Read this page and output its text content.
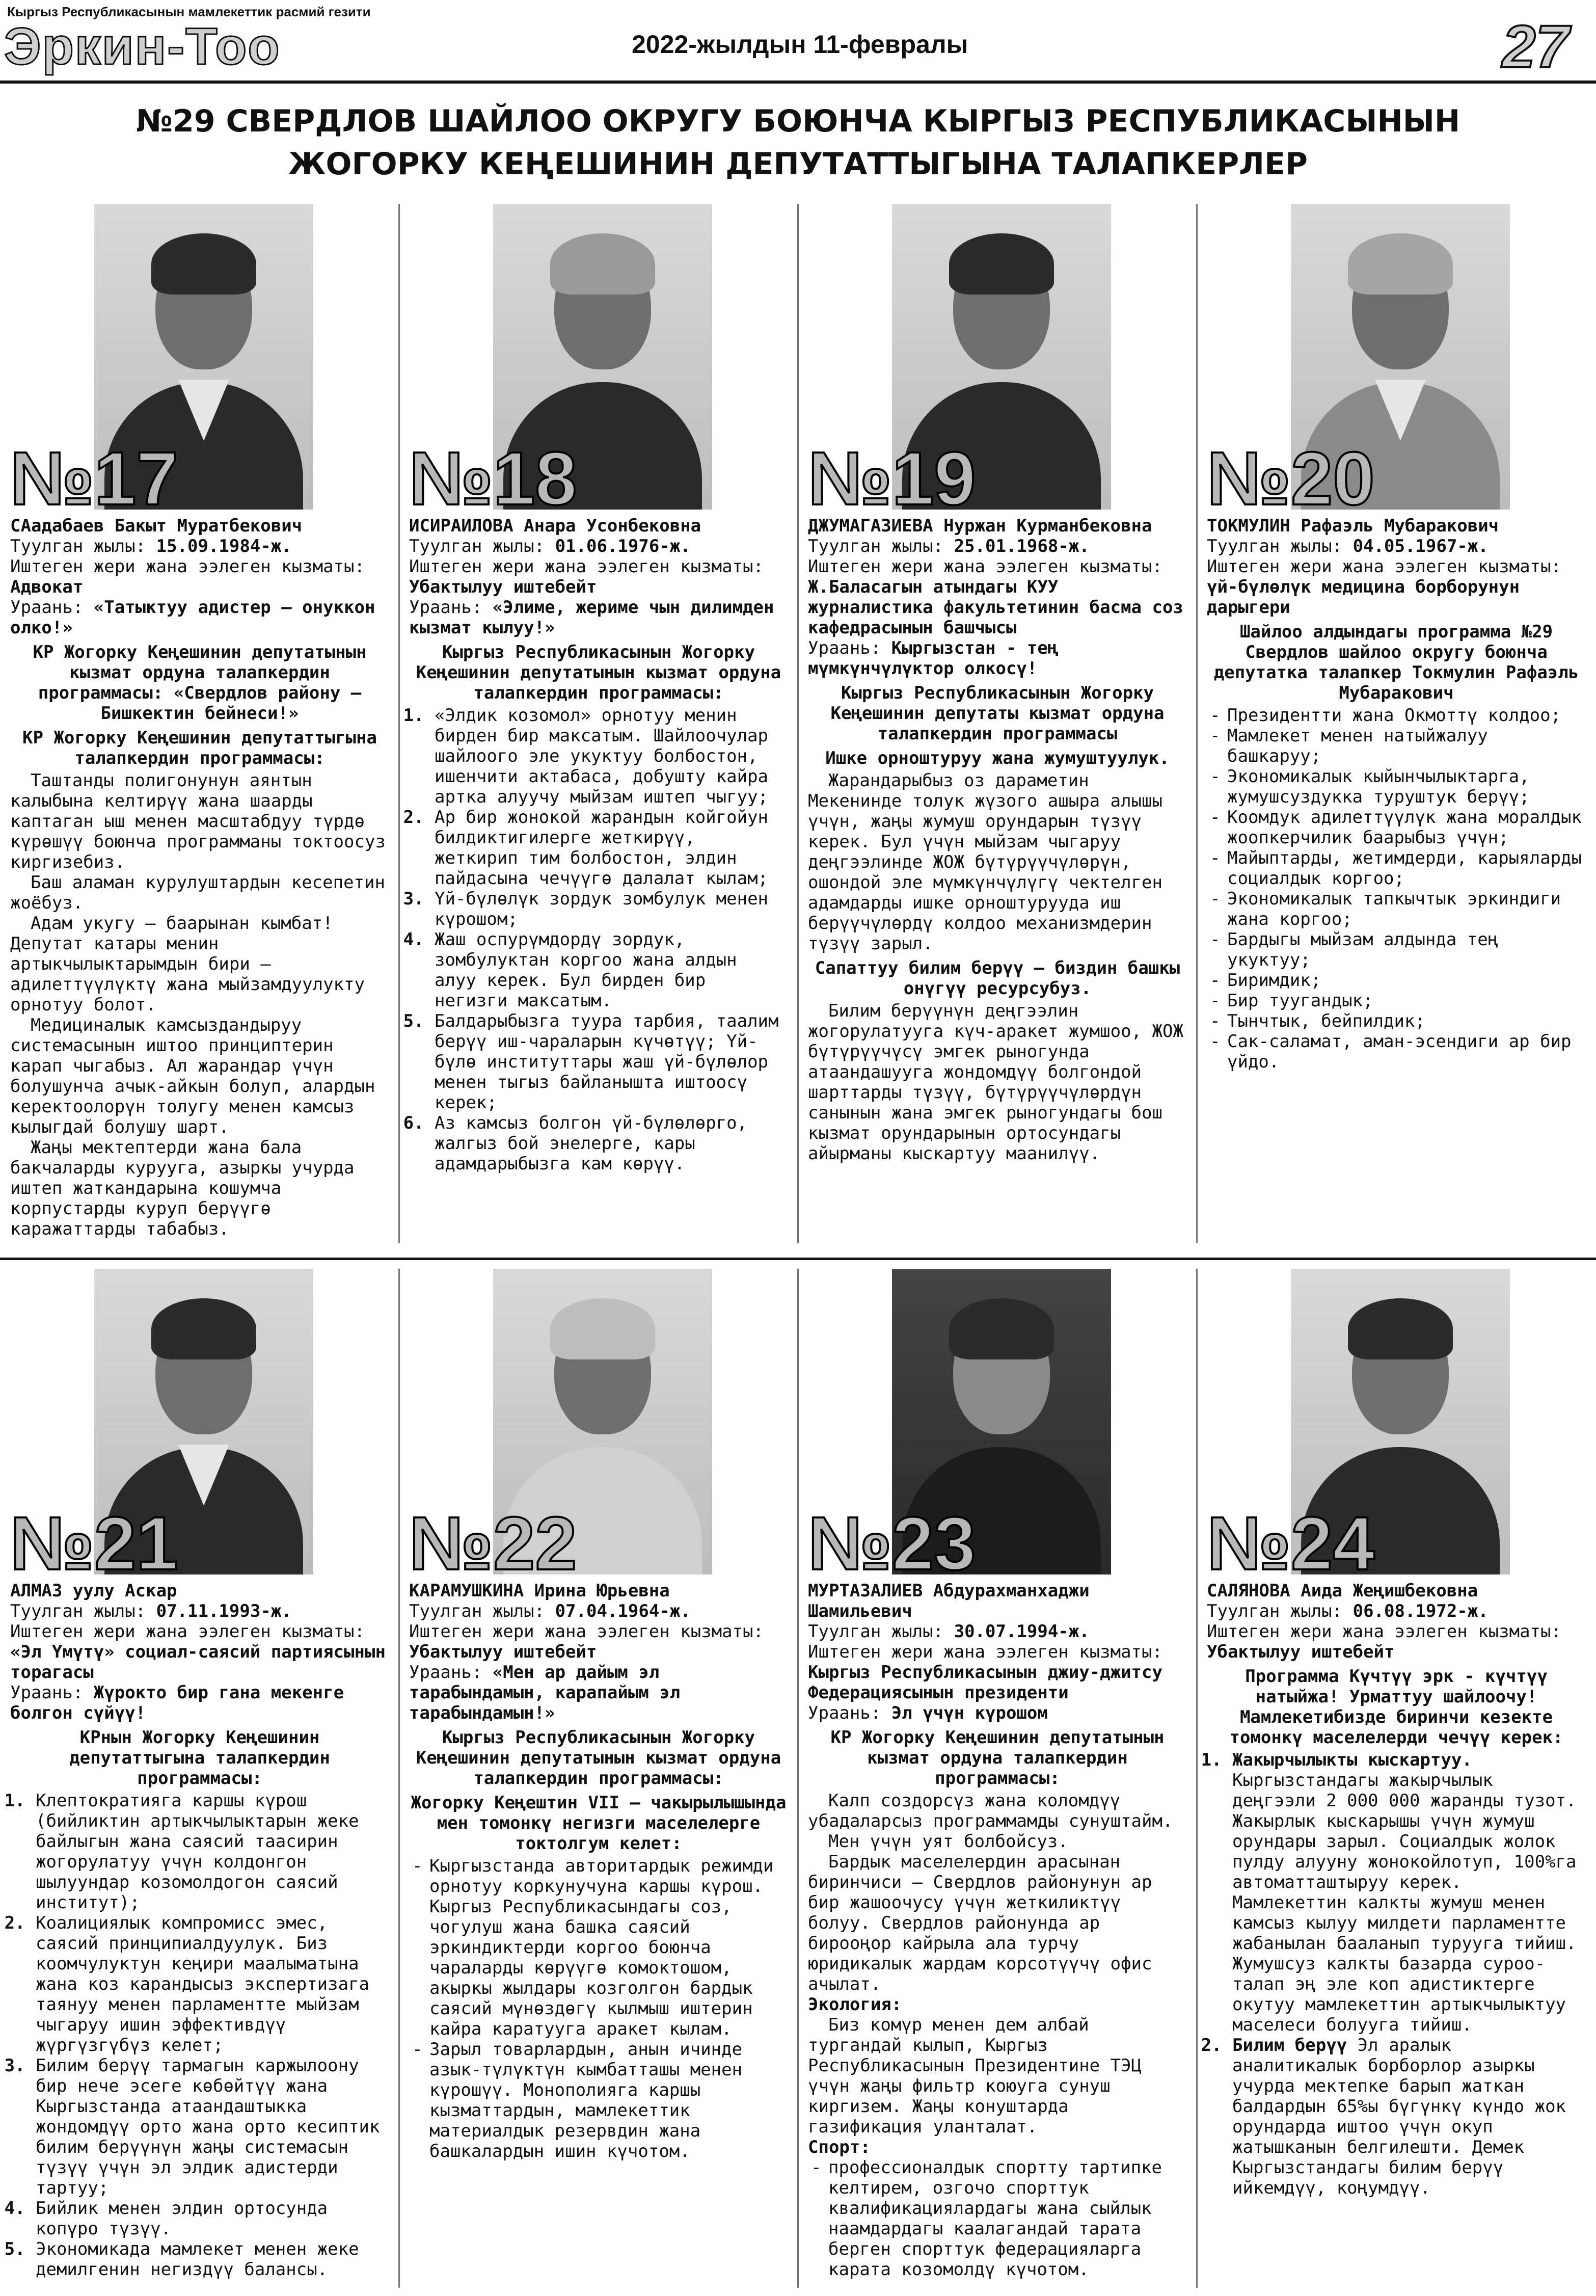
Кыргыз Республикасынын мамлекеттик расмий гезити
Эркин-Тоо	2022-жылдын 11-февралы	27
№29 СВЕРДЛОВ ШАЙЛОО ОКРУГУ БОЮНЧА КЫРГЫЗ РЕСПУБЛИКАСЫНЫН
ЖОГОРКУ КЕҢЕШИНИН ДЕПУТАТТЫГЫНА ТАЛАПКЕРЛЕР
№17

САадабаев Бакыт Муратбекович

Туулган жылы: 15.09.1984-ж.

Иштеген жери жана ээлеген кызматы:

Адвокат

Ураань: «Татыктуу адистер – онуккон олко!»

КР Жогорку Кеңешинин депутатынын кызмат ордуна талапкердин программасы: «Свердлов району – Бишкектин бейнеси!»
КР Жогорку Кеңешинин депутаттыгына талапкердин программасы:

Таштанды полигонунун аянтын калыбына келтирүү жана шаарды каптаган ыш менен масштабдуу түрдө күрөшүү боюнча программаны токтоосуз киргизебиз.

Баш аламан курулуштардын кесепетин жоёбуз.

Адам укугу – баарынан кымбат! Депутат катары менин артыкчылыктарымдын бири – адилеттүүлүктү жана мыйзамдуулукту орнотуу болот.

Медициналык камсыздандыруу системасынын иштоо принциптерин карап чыгабыз. Ал жарандар үчүн болушунча ачык-айкын болуп, алардын керектоолорүн толугу менен камсыз кылыгдай болушу шарт.

Жаңы мектептерди жана бала бакчаларды курууга, азыркы учурда иштеп жаткандарына кошумча корпустарды куруп берүүгө каражаттарды табабыз.

№18

ИСИРАИЛОВА Анара Усонбековна

Туулган жылы: 01.06.1976-ж.

Иштеген жери жана ээлеген кызматы:

Убактылуу иштебейт

Ураань: «Элиме, жериме чын дилимден кызмат кылуу!»

Кыргыз Республикасынын Жогорку Кеңешинин депутатынын кызмат ордуна талапкердин программасы:
1. «Элдик козомол» орнотуу менин бирден бир максатым. Шайлоочулар шайлоого эле укуктуу болбостон, ишенчити актабаса, добушту кайра артка алуучу мыйзам иштеп чыгуу;
2. Ар бир жонокой жарандын койгойун билдиктигилерге жеткирүү, жеткирип тим болбостон, элдин пайдасына чечүүгө далалат кылам;
3. Үй-бүлөлүк зордук зомбулук менен күрошом;
4. Жаш оспурүмдордү зордук, зомбулуктан коргоо жана алдын алуу керек. Бул бирден бир негизги максатым.
5. Балдарыбызга туура тарбия, таалим берүү иш-чараларын күчөтүү; Үй-бүлө институттары жаш үй-бүлөлор менен тыгыз байланышта иштоосү керек;
6. Аз камсыз болгон үй-бүлөлөрго, жалгыз бой энелерге, кары адамдарыбызга кам көрүү.
№19

ДЖУМАГАЗИЕВА Нуржан Курманбековна

Туулган жылы: 25.01.1968-ж.

Иштеген жери жана ээлеген кызматы:

Ж.Баласагын атындагы КУУ журналистика факультетинин басма соз кафедрасынын башчысы

Ураань: Кыргызстан - тең мүмкүнчүлүктор олкосү!

Кыргыз Республикасынын Жогорку Кеңешинин депутаты кызмат ордуна талапкердин программасы
Ишке орноштуруу жана жумуштуулук.

Жарандарыбыз оз дараметин Мекенинде толук жүзого ашыра алышы үчүн, жаңы жумуш орундарын түзүү керек. Бул үчүн мыйзам чыгаруу деңгээлинде ЖОЖ бүтүрүүчүлөрүн, ошондой эле мүмкүнчүлүгү чектелген адамдарды ишке орноштурууда иш берүүчүлөрдү колдоо механизмдерин түзүү зарыл.

Сапаттуу билим берүү – биздин башкы онүгүү ресурсубуз.

Билим берүүнүн деңгээлин жогорулатууга күч-аракет жумшоо, ЖОЖ бүтүрүүчүсү эмгек рыногунда атаандашууга жондомдүү болгондой шарттарды түзүү, бүтүрүүчүлөрдүн санынын жана эмгек рыногундагы бош кызмат орундарынын ортосундагы айырманы кыскартуу маанилүү.

№20

ТОКМУЛИН Рафаэль Мубаракович

Туулган жылы: 04.05.1967-ж.

Иштеген жери жана ээлеген кызматы:

үй-бүлөлүк медицина борборунун дарыгери

Шайлоо алдындагы программа №29 Свердлов шайлоо округу боюнча депутатка талапкер Токмулин Рафаэль Мубаракович
- Президентти жана Окмоттү колдоо;
- Мамлекет менен натыйжалуу башкаруу;
- Экономикалык кыйынчылыктарга, жумушсуздукка туруштук берүү;
- Коомдук адилеттүүлүк жана моралдык жоопкерчилик баарыбыз үчүн;
- Майыптарды, жетимдерди, карыяларды социалдык коргоо;
- Экономикалык тапкычтык эркиндиги жана коргоо;
- Бардыгы мыйзам алдында тең укуктуу;
- Биримдик;
- Бир туугандык;
- Тынчтык, бейпилдик;
- Сак-саламат, аман-эсендиги ар бир үйдо.
№21

АЛМАЗ уулу Аскар

Туулган жылы: 07.11.1993-ж.

Иштеген жери жана ээлеген кызматы:

«Эл Үмүтү» социал-саясий партиясынын торагасы

Ураань: Жүрокто бир гана мекенге болгон сүйүү!

КРнын Жогорку Кеңешинин депутаттыгына талапкердин программасы:
1. Клептократияга каршы күрош (бийликтин артыкчылыктарын жеке байлыгын жана саясий таасирин жогорулатуу үчүн колдонгон шылуундар козомолдогон саясий институт);
2. Коалициялык компромисс эмес, саясий принципиалдуулук. Биз коомчулуктун кеңири маалыматына жана коз карандысыз экспертизага таянуу менен парламентте мыйзам чыгаруу ишин эффективдүү жүргүзгүбүз келет;
3. Билим берүү тармагын каржылоону бир нече эсеге көбөйтүү жана Кыргызстанда атаандаштыкка жондомдүү орто жана орто кесиптик билим берүүнүн жаңы системасын түзүү үчүн эл элдик адистерди тартуу;
4. Бийлик менен элдин ортосунда копүро түзүү.
5. Экономикада мамлекет менен жеке демилгенин негиздүү балансы.
№22

КАРАМУШКИНА Ирина Юрьевна

Туулган жылы: 07.04.1964-ж.

Иштеген жери жана ээлеген кызматы:

Убактылуу иштебейт

Ураань: «Мен ар дайым эл тарабындамын, карапайым эл тарабындамын!»

Кыргыз Республикасынын Жогорку Кеңешинин депутатынын кызмат ордуна талапкердин программасы:
Жогорку Кеңештин VII – чакырылышында мен томонкү негизги маселелерге токтолгум келет:
- Кыргызстанда авторитардык режимди орнотуу коркунучуна каршы күрош. Кыргыз Республикасындагы соз, чогулуш жана башка саясий эркиндиктерди коргоо боюнча чараларды көрүүгө комоктошом, акыркы жылдары козголгон бардык саясий мүнөздөгү кылмыш иштерин кайра каратууга аракет кылам.
- Зарыл товарлардын, анын ичинде азык-түлүктүн кымбатташы менен күрошүү. Монополияга каршы кызматтардын, мамлекеттик материалдык резервдин жана башкалардын ишин күчотом.
№23

МУРТАЗАЛИЕВ Абдурахманхаджи Шамильевич

Туулган жылы: 30.07.1994-ж.

Иштеген жери жана ээлеген кызматы:

Кыргыз Республикасынын джиу-джитсу Федерациясынын президенти

Ураань: Эл үчүн күрошом

КР Жогорку Кеңешинин депутатынын кызмат ордуна талапкердин программасы:

Калп создорсүз жана коломдүү убадаларсыз программамды сунуштайм.

Мен үчүн уят болбойсуз.

Бардык маселелердин арасынан биринчиси – Свердлов районунун ар бир жашоочусу үчүн жеткиликтүү болуу. Свердлов районунда ар бирооңор кайрыла ала турчу юридикалык жардам корсотүүчү офис ачылат.

Экология:

Биз комүр менен дем албай тургандай кылып, Кыргыз Республикасынын Президентине ТЭЦ үчүн жаңы фильтр коюуга сунуш киргизем. Жаңы конуштарда газификация уланталат.

Спорт:

- профессионалдык спортту тартипке келтирем, озгочо спорттук квалификациялардагы жана сыйлык наамдардагы каалагандай тарата берген спорттук федерацияларга карата козомолдү күчотом.
№24

САЛЯНОВА Аида Жеңишбековна

Туулган жылы: 06.08.1972-ж.

Иштеген жери жана ээлеген кызматы:

Убактылуу иштебейт

Программа Күчтүү эрк - күчтүү натыйжа! Урматтуу шайлоочу! Мамлекетибизде биринчи кезекте томонкү маселелерди чечүү керек:
1. Жакырчылыкты кыскартуу. Кыргызстандагы жакырчылык деңгээли 2 000 000 жаранды тузот. Жакырлык кыскарышы үчүн жумуш орундары зарыл. Социалдык жолок пулду алууну жонокойлотуп, 100%га автоматташтыруу керек. Мамлекеттин калкты жумуш менен камсыз кылуу милдети парламентте жабанылан бааланып турууга тийиш. Жумушсуз калкты базарда суроо-талап эң эле коп адистиктерге окутуу мамлекеттин артыкчылыктуу маселеси болууга тийиш.
2. Билим берүү Эл аралык аналитикалык борборлор азыркы учурда мектепке барып жаткан балдардын 65%ы бүгүнкү күндо жок орундарда иштоо үчүн окуп жатышканын белгилешти. Демек Кыргызстандагы билим берүү ийкемдүү, коңумдүү.
